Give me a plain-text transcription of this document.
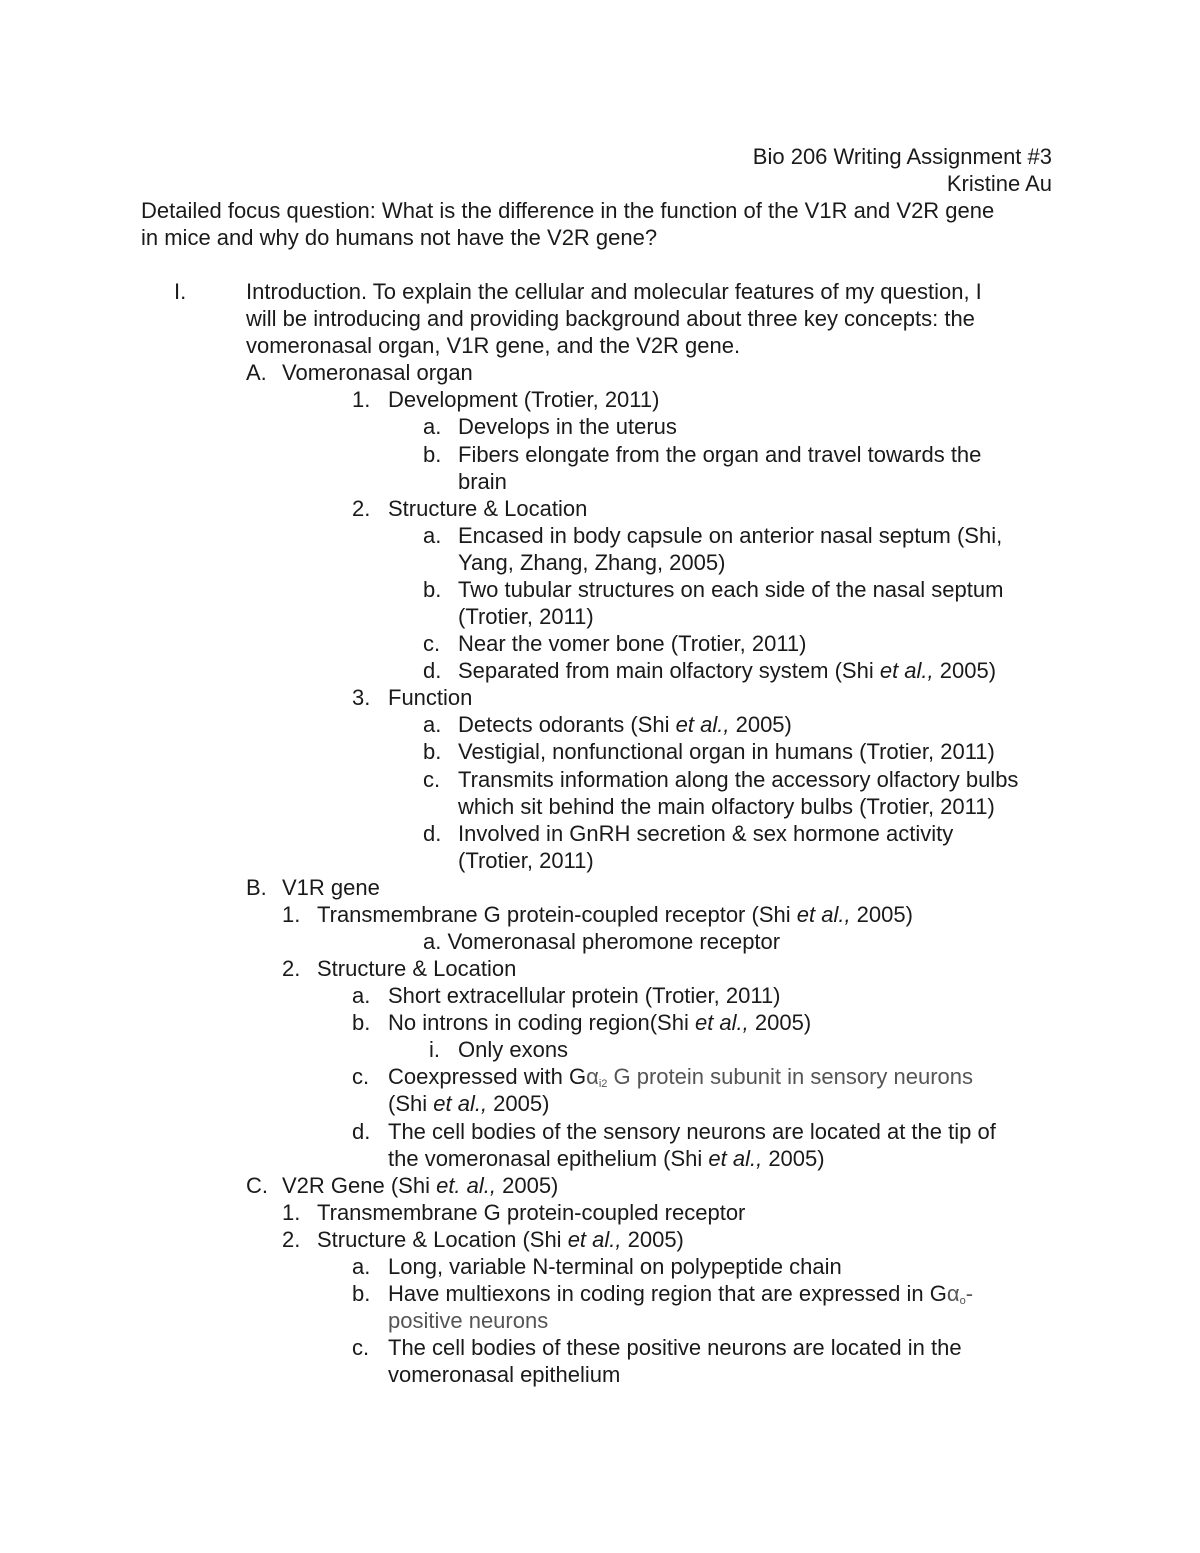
Bio 206 Writing Assignment #3
Kristine Au
Detailed focus question: What is the difference in the function of the V1R and V2R gene
in mice and why do humans not have the V2R gene?
I.	Introduction. To explain the cellular and molecular features of my question, I
will be introducing and providing background about three key concepts: the
vomeronasal organ, V1R gene, and the V2R gene.
A. Vomeronasal organ
1. Development (Trotier, 2011)
a. Develops in the uterus
b. Fibers elongate from the organ and travel towards the
brain
2. Structure & Location
a. Encased in body capsule on anterior nasal septum (Shi,
Yang, Zhang, Zhang, 2005)
b. Two tubular structures on each side of the nasal septum
(Trotier, 2011)
c. Near the vomer bone (Trotier, 2011)
d. Separated from main olfactory system (Shi et al., 2005)
3. Function
a. Detects odorants (Shi et al., 2005)
b. Vestigial, nonfunctional organ in humans (Trotier, 2011)
c. Transmits information along the accessory olfactory bulbs
which sit behind the main olfactory bulbs (Trotier, 2011)
d. Involved in GnRH secretion & sex hormone activity
(Trotier, 2011)
B. V1R gene
1. Transmembrane G protein-coupled receptor (Shi et al., 2005)
a. Vomeronasal pheromone receptor
2. Structure & Location
a. Short extracellular protein (Trotier, 2011)
b. No introns in coding region(Shi et al., 2005)
i. Only exons
c. Coexpressed with $G\alpha_{i2}$ G protein subunit in sensory neurons
(Shi et al., 2005)
d. The cell bodies of the sensory neurons are located at the tip of
the vomeronasal epithelium (Shi et al., 2005)
C. V2R Gene (Shi et. al., 2005)
1. Transmembrane G protein-coupled receptor
2. Structure & Location (Shi et al., 2005)
a. Long, variable N-terminal on polypeptide chain
b. Have multiexons in coding region that are expressed in $G\alpha_o-$
positive neurons
c. The cell bodies of these positive neurons are located in the
vomeronasal epithelium
